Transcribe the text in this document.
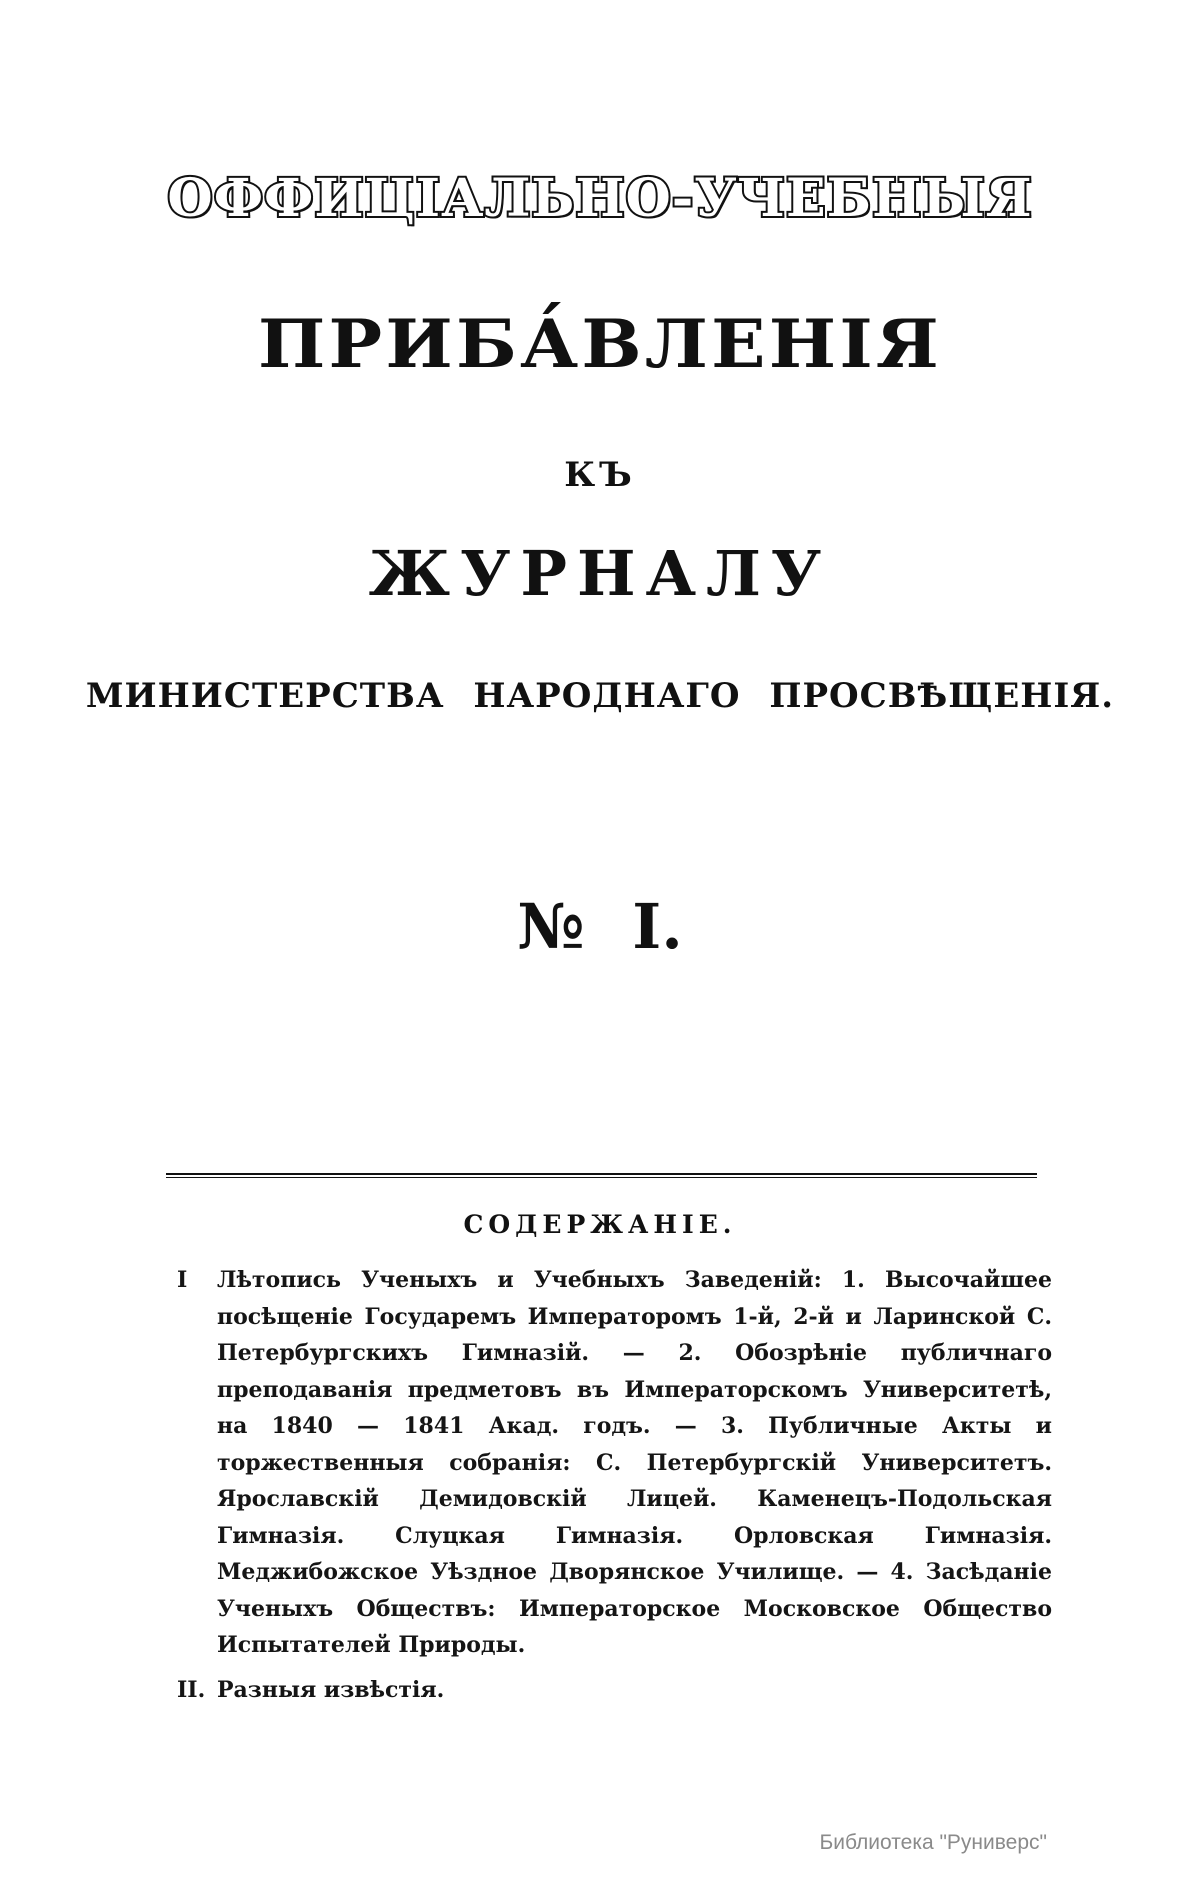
ОФФИЦІАЛЬНО-УЧЕБНЫЯ
ПРИБА́ВЛЕНІЯ
КЪ
ЖУРНАЛУ
МИНИСТЕРСТВА НАРОДНАГО ПРОСВѢЩЕНІЯ.
№ I.
СОДЕРЖАНІЕ.
I	Лѣтопись Ученыхъ и Учебныхъ Заведеній: 1. Высочайшее посѣщеніе Государемъ Императоромъ 1-й, 2-й и Ларинской С. Петербургскихъ Гимназій. — 2. Обозрѣніе публичнаго преподаванія предметовъ въ Императорскомъ Университетѣ, на 1840 — 1841 Акад. годъ. — 3. Публичные Акты и торжественныя собранія: С. Петербургскій Университетъ. Ярославскій Демидовскій Лицей. Каменецъ-Подольская Гимназія. Слуцкая Гимназія. Орловская Гимназія. Меджибожское Уѣздное Дворянское Училище. — 4. Засѣданіе Ученыхъ Обществъ: Императорское Московское Общество Испытателей Природы.
II. Разныя извѣстія.
Библиотека "Руниверс"
